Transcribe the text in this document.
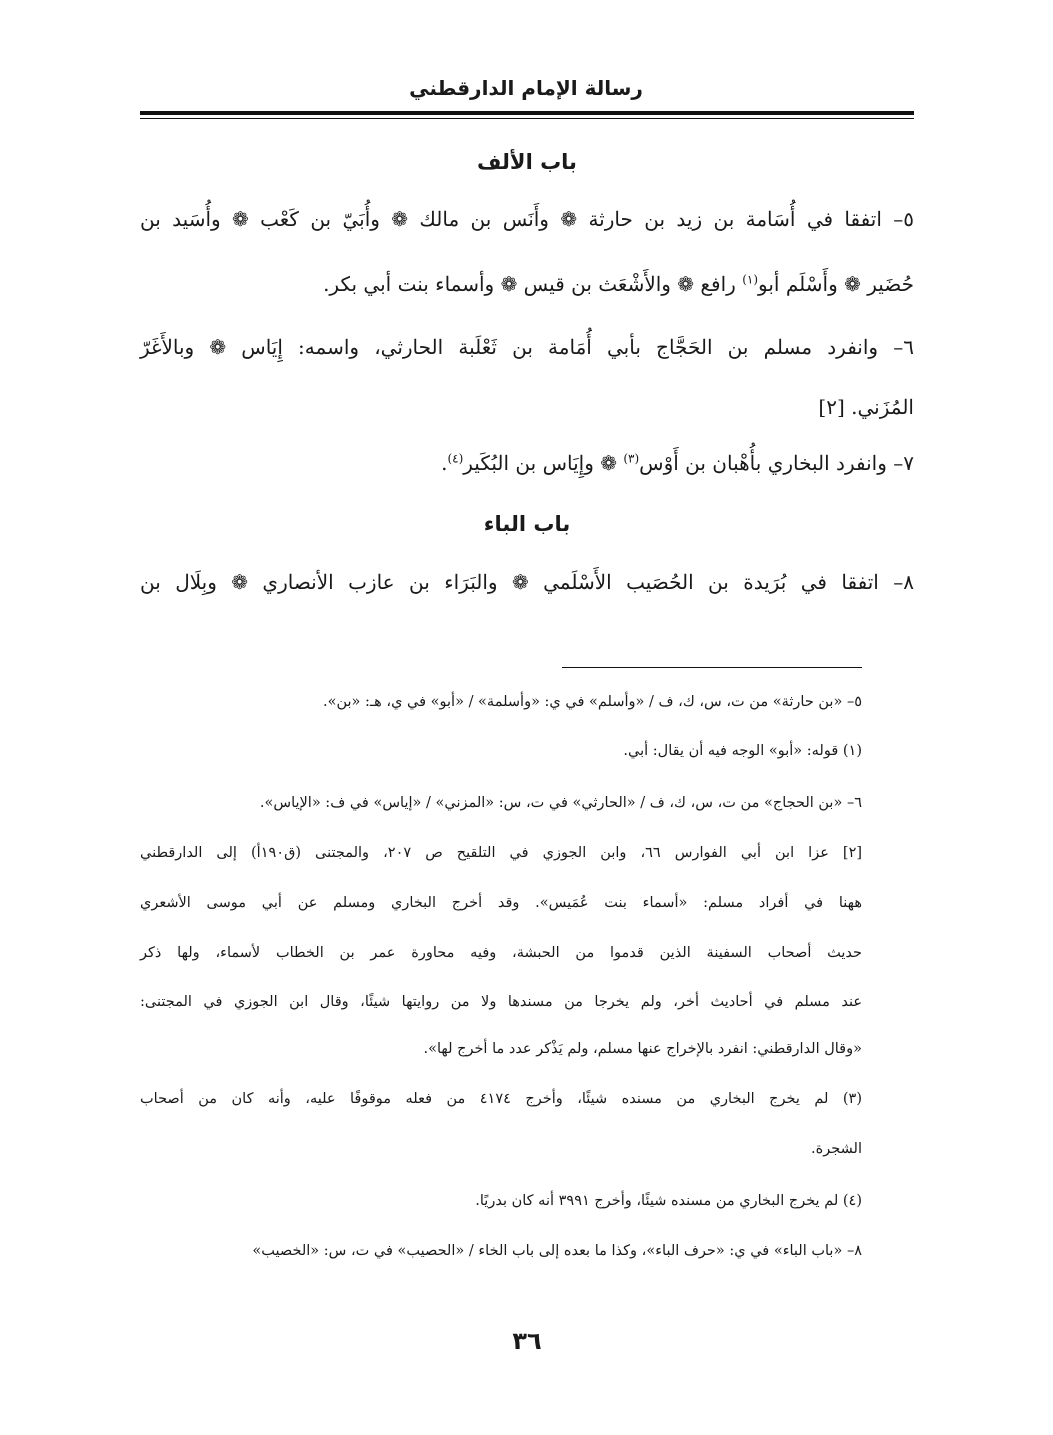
رسالة الإمام الدارقطني
باب الألف
٥– اتفقا في أُسَامة بن زيد بن حارثة ❁ وأَنَس بن مالك ❁ وأُبَيّ بن كَعْب ❁ وأُسَيد بن
حُضَير ❁ وأَسْلَم أبو$^{(١)}$ رافع ❁ والأَشْعَث بن قيس ❁ وأسماء بنت أبي بكر.
٦– وانفرد مسلم بن الحَجَّاج بأبي أُمَامة بن ثَعْلَبة الحارثي، واسمه: إِيَاس ❁ وبالأَغَرّ
المُزَني. [٢]
٧– وانفرد البخاري بأُهْبان بن أَوْس$^{(٣)}$ ❁ وإِيَاس بن البُكَير$^{(٤)}$.
باب الباء
٨– اتفقا في بُرَيدة بن الحُصَيب الأَسْلَمي ❁ والبَرَاء بن عازب الأنصاري ❁ وبِلَال بن
٥– «بن حارثة» من ت، س، ك، ف / «وأسلم» في ي: «وأسلمة» / «أبو» في ي، هـ: «بن».
(١) قوله: «أبو» الوجه فيه أن يقال: أبي.
٦– «بن الحجاج» من ت، س، ك، ف / «الحارثي» في ت، س: «المزني» / «إياس» في ف: «الإياس».
[٢] عزا ابن أبي الفوارس ٦٦، وابن الجوزي في التلقيح ص ٢٠٧، والمجتنى (ق١٩٠أ) إلى الدارقطني
ههنا في أفراد مسلم: «أسماء بنت عُمَيس». وقد أخرج البخاري ومسلم عن أبي موسى الأشعري
حديث أصحاب السفينة الذين قدموا من الحبشة، وفيه محاورة عمر بن الخطاب لأسماء، ولها ذكر
عند مسلم في أحاديث أخر، ولم يخرجا من مسندها ولا من روايتها شيئًا، وقال ابن الجوزي في المجتنى:
«وقال الدارقطني: انفرد بالإخراج عنها مسلم، ولم يَذْكر عدد ما أخرج لها».
(٣) لم يخرج البخاري من مسنده شيئًا، وأخرج ٤١٧٤ من فعله موقوفًا عليه، وأنه كان من أصحاب
الشجرة.
(٤) لم يخرج البخاري من مسنده شيئًا، وأخرج ٣٩٩١ أنه كان بدريًا.
٨– «باب الباء» في ي: «حرف الباء»، وكذا ما بعده إلى باب الخاء / «الحصيب» في ت، س: «الخصيب»
٣٦
